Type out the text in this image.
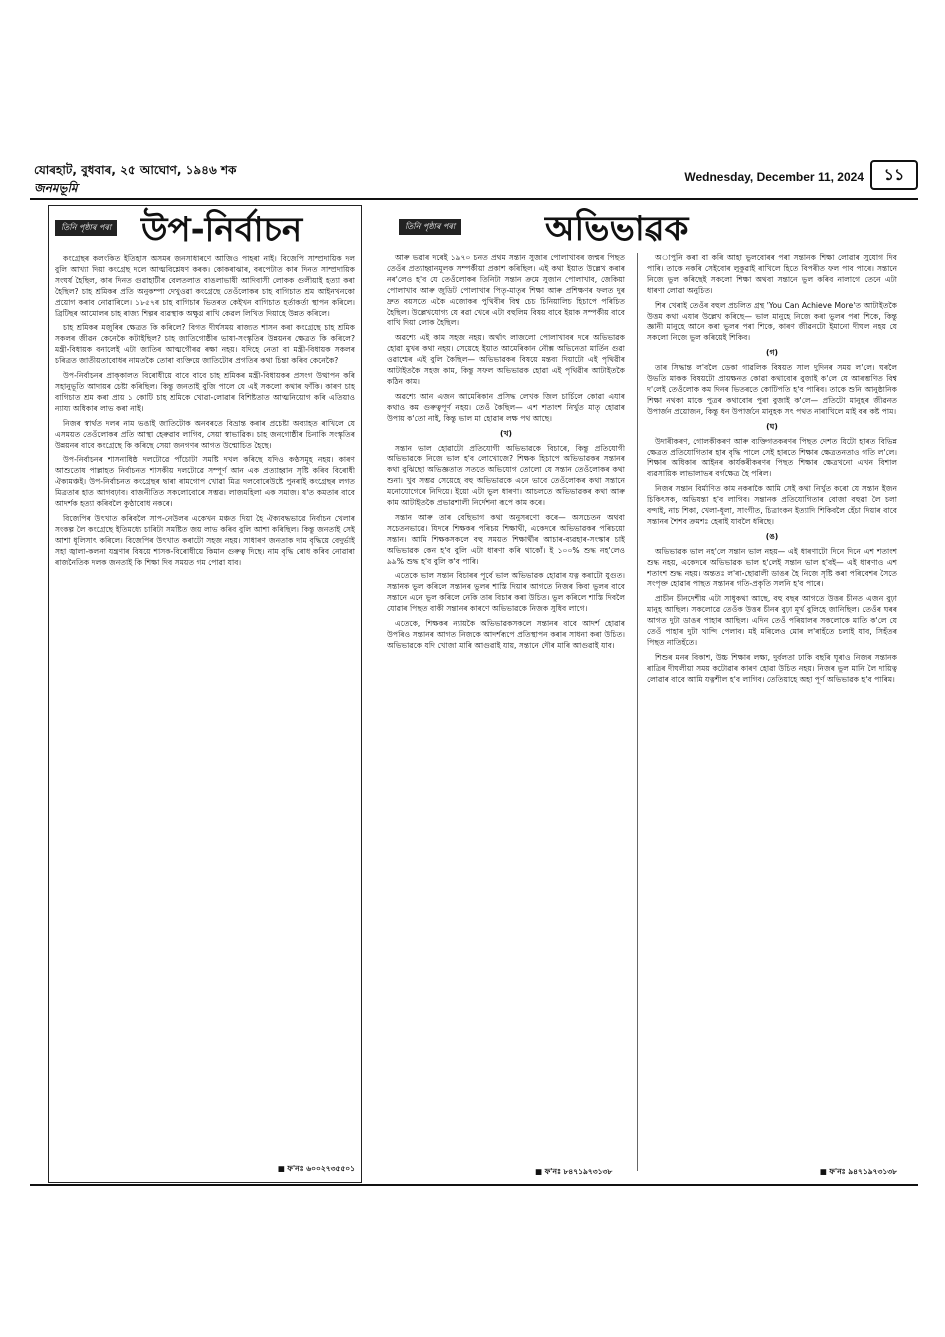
যোৰহাট, বুধবাৰ, ২৫ আঘোণ, ১৯৪৬ শক
জনমভূমি
Wednesday, December 11, 2024	১১
তিনি পৃষ্ঠাৰ পৰা উপ-নিৰ্বাচন

কংগ্ৰেছৰ কলংকিত ইতিহাস অসমৰ জনসাধাৰণে আজিও পাহৰা নাই। বিজেপি সাম্প্ৰদায়িক দল বুলি আখ্যা দিয়া কংগ্ৰেছ দলে আত্মবিশ্লেষণ কৰক। কোকৰাঝাৰ, বৰপেটাত কাৰ দিনত সাম্প্ৰদায়িক সংঘৰ্ষ হৈছিল, কাৰ দিনত গুৱাহাটীৰ বেলতলাত বাঙলাভাষী আদিবাসী লোকক গুলীয়াই হত্যা কৰা হৈছিল? চাহ শ্ৰমিকৰ প্ৰতি অনুকম্পা দেখুওৱা কংগ্ৰেছে তেওঁলোকৰ চাহ বাগিচাত শ্ৰম আইনখনকো প্ৰয়োগ কৰাব নোৱাৰিলে। ১৮৫৭ৰ চাহ বাগিচাৰ ভিতৰত কেইখন বাগিচাত হৰ্তাকৰ্তা স্থাপন কৰিলে। ব্ৰিটিছৰ আমোলৰ চাহ ৰাজ্য শিল্পৰ ব্যৱস্থাক অক্ষুণ্ণ ৰাখি কেৱল লিখিত দিয়াহে উন্নত কৰিলে।

চাহ শ্ৰমিকৰ মজুৰিৰ ক্ষেত্ৰত কি কৰিলে? বিগত দীৰ্ঘসময় ৰাজ্যত শাসন কৰা কংগ্ৰেছে চাহ শ্ৰমিক সকলৰ জীৱন কেনেকৈ কটাইছিল? চাহ জাতিগোষ্ঠীৰ ভাষা-সংস্কৃতিৰ উন্নয়নৰ ক্ষেত্ৰত কি কৰিলে? মন্ত্ৰী-বিধায়ক বনালেই এটা জাতিৰ আত্মগৌৰৱ ৰক্ষা নহয়। যদিহে নেতা বা মন্ত্ৰী-বিধায়ক সকলৰ চৰিত্ৰত জাতীয়তাবোধৰ নামতকৈ তোৰা ব্যক্তিয়ে জাতিটোৰ প্ৰগতিৰ কথা চিন্তা কৰিব কেনেকৈ?

উপ-নিৰ্বাচনৰ প্ৰাক্‌কালত বিৰোধীয়ে বাবে বাবে চাহ শ্ৰমিকৰ মন্ত্ৰী-বিধায়কৰ প্ৰসংগ উত্থাপন কৰি সহানুভূতি আদায়ৰ চেষ্টা কৰিছিল। কিন্তু জনতাই বুজি পালে যে এই সকলো কথাৰ ফাঁকি। কাৰণ চাহ বাগিচাত শ্ৰম কৰা প্ৰায় ১ কোটি চাহ শ্ৰমিকে খোৱা-লোৱাৰ বিশিষ্টতাত আত্মনিয়োগ কৰি এতিয়াও ন্যায্য অধিকাৰ লাভ কৰা নাই।

নিজৰ স্বাৰ্থত দলৰ নাম ভঙাই জাতিটোক অনবৰতে বিভ্ৰান্ত কৰাৰ প্ৰচেষ্টা অব্যাহত ৰাখিলে যে এসময়ত তেওঁলোকৰ প্ৰতি আস্থা হেৰুৱাব লাগিব, সেয়া স্বাভাৱিক। চাহ জনগোষ্ঠীৰ চিনাকি সংস্কৃতিৰ উন্নয়নৰ বাবে কংগ্ৰেছে কি কৰিছে সেয়া জনগণৰ আগত উন্মোচিত হৈছে।

উপ-নিৰ্বাচনৰ শাসনাধিষ্ঠ দলটোৱে পাঁচোটা সমষ্টি দখল কৰিছে যদিও কণ্ঠসমূহ নহয়। কাৰণ আশুতোষ পাল্লাহত নিৰ্বাচনত শাসকীয় দলটোৱে সম্পূৰ্ণ আন এক প্ৰত্যাহ্বান সৃষ্টি কৰিব বিৰোধী ঐক্যমঞ্চই। উপ-নিৰ্বাচনত কংগ্ৰেছৰ দ্বাৰা ৰামগোপ খোৱা মিত্ৰ দলবোৰেউষ্টে পুনৰাই কংগ্ৰেছৰ লগত মিত্ৰতাৰ হাত আগবঢ়াব। বাজনীতিত সকলোবোৰে সম্ভৱ। লাজমহিলা এক সমাজ। ষ'ত কমতাৰ বাবে আদৰ্শক হত্যা কৰিবলৈ কুণ্ঠাবোধ নকৰে।

বিজেপিৰ উৎখাত কৰিবলৈ সাপ-নেউলৰ একেখন মঞ্চত দিয়া হৈ ঐক্যবদ্ধভাৱে নিৰ্বাচন খেলাৰ সংকল্প লৈ কংগ্ৰেছে ইতিমধ্যে চাৰিটা সমষ্টিত জয় লাভ কৰিব বুলি আশা কৰিছিল। কিন্তু জনতাই সেই আশা ধূলিসাৎ কৰিলে। বিজেপিৰ উৎখাত কৰাটো সহজ নহয়। সাধাৰণ জনতাক দাম বৃদ্ধিয়ে বেদুৰ্ভাই সহা জ্বালা-কলনা যন্ত্ৰণাৰ বিষয়ে শাসক-বিৰোধীয়ে কিমান গুৰুত্ব দিছে। নাম বৃদ্ধি ৰোধ কৰিব নোৱাৰা ৰাজনৈতিক দলক জনতাই কি শিক্ষা দিব সময়ত গম পোৱা যাব।

■ ফ'নঃ ৬০০২৭৩৫৫০১
তিনি পৃষ্ঠাৰ পৰা	অভিভাৱক

আৰু ভৱাৰ দৰেই ১৯৭০ চনত প্ৰথম সন্তান সুজাৰ পোলাখাবৰ জন্মৰ পিছত তেওঁৰ প্ৰত্যাহ্বানমূলক সম্পৰ্কীয়া প্ৰকাশ কৰিছিল। এই কথা ইয়াত উল্লেখ কৰাৰ নৰ'লেও হ'ব যে তেওঁলোকৰ তিনিটা সন্তান ক্ৰমে সুজান পোলাখাব, জেকিয়া পোলাখাব আৰু জুডিট পোলাখাৰ পিতৃ-মাতৃৰ শিক্ষা আৰু প্ৰশিক্ষণৰ ফলত দুৰ দ্ৰুত বয়সতে একৈ এজোকৰ পুথিবীৰ বিশ্ব চেচ চিনিয়ালিচ হিচাপে পৰিচিত হৈছিল। উল্লেখযোগ্য যে ৰৱা খেৰে এটা বহুলিম বিষয় বাবে ইয়াক সম্পৰ্কীয় বাবে বাখি দিয়া লোক হৈছিল।

অৱশ্যে এই কাম সহজ নহয়। অৰ্থাৎ লাজলো পোলাখাবৰ দৰে অভিভাৱক হোৱা মুখৰ কথা নহয়। সেয়েহে ইয়াত আমেৰিকান নৌক্স অভিনেতা মাৰ্তিন গুৱা ওৱাশ্মেৰ এই বুলি কৈছিল— অভিভাৱকৰ বিষয়ে মন্তব্য দিয়াটো এই পৃথিৱীৰ আটাইতকৈ সহজ কাম, কিন্তু সফল অভিভাৱক হোৱা এই পৃথিৱীৰ আটাইতকৈ কঠিন কাম।

অৱশ্যে আন এজন আমেৰিকান প্ৰসিদ্ধ লেখক জিল চাৰ্চিলে কোৱা এযাৰ কথাও কম গুৰুত্বপূৰ্ণ নহয়। তেওঁ কৈছিল— এশ শতাংশ নিৰ্খুত মাতৃ হোৱাৰ উপায় ক'তো নাই, কিন্তু ভাল মা হোৱাৰ লক্ষ পথ আছে।

(খ)

সন্তান ভাল হোৱাটো প্ৰতিযোগী অভিভাৱকে বিচাৰে, কিন্তু প্ৰতিযোগী অভিভাৱকে নিজে ভাল হ'ব লোখোজে? শিক্ষক হিচাপে অভিভাৱকৰ সন্তানৰ কথা বুঝিছো অভিজ্ঞতাত সততে অভিযোগ তোলো যে সন্তান তেওঁলোকৰ কথা শুনা। খুব সম্ভৱ সেয়েহে বহু অভিভাৱকে এনে ভাবে তেওঁলোকৰ কথা সন্তানে মনোযোগেৰে নিদিয়ে। ইয়ো এটা ভুল ধাৰণা। আচলতে অভিভাৱকৰ কথা আৰু কাম আটাইতকৈ প্ৰভাৱশালী নিৰ্দেশনা ৰূপে কাম কৰে।

সন্তান আৰু তাৰ বেছিভাগ কথা অনুসৰণো কৰে— অসচেতন অথবা সচেতনভাৱে। যিদৰে শিক্ষকৰ পৰিচয় শিক্ষাথী, একেদৰে অভিভাৱকৰ পৰিচয়ো সন্তান। আমি শিক্ষকসকলে বহু সময়ত শিক্ষাৰ্থীৰ আচাৰ-ব্যৱহাৰ-সংস্কাৰ চাই অভিভাৱক কেন হ'ব বুলি এটা ধাৰণা কৰি থাকোঁ। ই ১০০% শুদ্ধ নহ'লেও ৯৯% শুদ্ধ হ'ব বুলি ক'ব পাৰি।

এতেকে ভাল সন্তান বিচাৰৰ পূৰ্বে ভাল অভিভাৱক হোৱাৰ যত্ন কৰাটো যুগুত। সন্তানক ভুল কৰিলে সন্তানৰ ভুলৰ শাস্তি দিয়াৰ আগতে নিজৰ কিবা ভুলৰ বাবে সন্তানে এনে ভুল কৰিলে নেকি তাৰ বিচাৰ কৰা উচিত। ভুল কৰিলে শাস্তি দিবলৈ যোৱাৰ পিছত বাকী সন্তানৰ কাৰণে অভিভাৱকে নিজক সুধিব লাগে।

এতেকে, শিক্ষকৰ ন্যায়কৈ অভিভাৱকসকলে সন্তানৰ বাবে আদৰ্শ হোৱাৰ উপৰিও সন্তানৰ আগত নিজকে আদৰ্শৰূপে প্ৰতিস্থাপন কৰাৰ সাধনা কৰা উচিত। অভিভাৱকে যদি খোজা মাৰি আগুৱাই যায়, সন্তানে দৌৰ মাৰি আগুৱাই যাব।

অাপুনি কৰা বা কৰি আহা ভুলবোৰৰ পৰা সন্তানক শিক্ষা লোৱাৰ সুযোগ দিব পাৰি। তাকে নকৰি সেইবোৰ লুকুৱাই ৰাখিলে হিতে বিপৰীত ফল পাব পাৰে। সন্তানে নিজে ভুল কৰিছেই সকলো শিক্ষা অথবা সন্তানে ভুল কৰিব নালাগে তেনে এটা ধাৰণা লোৱা অনুচিত।

শিৰ খেৰাই তেওঁৰ বহুল প্ৰচলিত গ্ৰন্থ 'You Can Achieve More'ত আটাইতকৈ উত্তম কথা এযাৰ উল্লেখ কৰিছে— ভাল মানুহে নিজে কৰা ভুলৰ পৰা শিকে, কিন্তু জ্ঞানী মানুহে আনে কৰা ভুলৰ পৰা শিকে, কাৰণ জীৱনটো ইমানো দীঘল নহয় যে সকলো নিজে ভুল কৰিয়েই শিকিব।

(গ)

তাৰ সিদ্ধান্ত ল'বলৈ ডেকা গাৱলিক বিষয়ত সাল দুদিনৰ সময় ল'লে। ঘৰলৈ উভতি মাকক বিষয়টো প্ৰায়ক্ষনত কোৱা কথাবোৰ বুজাই ক'লে যে আৰম্ভণিত বিশ্ব দ'লেই তেওঁলোক কম দিনৰ ভিতৰতে কোটিপতি হ'ব পাৰিব। তাকে শুনি আনুষ্ঠানিক শিক্ষা নথকা মাকে পুত্ৰৰ কথাবোৰ পুৰা বুজাই ক'লে— প্ৰতিটো মানুহৰ জীৱনত উপাৰ্জন প্ৰয়োজন, কিন্তু ধন উপাৰ্জনে মানুহক সৎ পথত নাৰাখিলে মাই বৰ কষ্ট পাম।

(ঘ)

উদাৰীকৰণ, গোলকীকৰণ আৰু ব্যক্তিগতকৰণৰ পিছত দেশত যিটো হাৰত বিভিন্ন ক্ষেত্ৰত প্ৰতিযোগিতাৰ হাৰ বৃদ্ধি পালে সেই হাৰতে শিক্ষাৰ ক্ষেত্ৰতনতাও গতি ল'লে। শিক্ষাৰ অধিকাৰ আইনৰ কাৰ্যকৰীকৰণৰ পিছত শিক্ষাৰ ক্ষেত্ৰখনো এখন বিশাল ব্যৱসায়িক লাভালাভৰ বৰ্গক্ষেত্ৰ হৈ পৰিল।

নিজৰ সন্তান বিৰ্মাণিত কাম নকৰাকৈ আমি সেই কথা নিৰ্খুত কৰো যে সন্তান ইজন চিকিৎসক, অভিযন্তা হ'ব লাগিব। সন্তানক প্ৰতিযোগিতাৰ বোজা বহুৱা লৈ চলা বন্দাই, নাচ শিকা, খেলা-ধূলা, সাংগীত, চিত্ৰাংকন ইত্যাদি শিকিবলৈ হেঁচা দিয়াৰ বাবে সন্তানৰ শৈশব ক্ৰমশঃ হেৰাই যাবলৈ ধৰিছে।

(ঙ)

অভিভাৱক ভাল নহ'লে সন্তান ভাল নহয়— এই ধাৰণাটো দিনে দিনে এশ শতাংশ শুদ্ধ নহয়, একেদৰে অভিভাৱক ভাল হ'লেই সন্তান ভাল হ'বই— এই ধাৰণাও এশ শতাংশ শুদ্ধ নহয়। অন্ততঃ ল'ৰা-ছোৱালী ডাঙৰ হৈ নিজে সৃষ্টি কৰা পৰিবেশৰ সৈতে সংপৃক্ত হোৱাৰ পাছত সন্তানৰ গতি-প্ৰকৃতি সলনি হ'ব পাৰে।

প্ৰাচীন চীনদেশীয় এটা সাধুকথা আছে, বহু বছৰ আগতে উত্তৰ চীনত এজন বুঢ়া মানুহ আছিল। সকলোৱে তেওঁক উত্তৰ চীনৰ বুঢ়া মূৰ্খ বুলিহে জানিছিল। তেওঁৰ ঘৰৰ আগত দুটা ডাঙৰ পাহাৰ আছিল। এদিন তেওঁ পৰিয়ালৰ সকলোকে মাতি ক'লে যে তেওঁ পাহাৰ দুটা খান্দি পেলাব। মই মৰিলেও মোৰ ল'ৰাহঁতে চলাই যাব, সিহঁতৰ পিছত নাতিহঁতে।

শিশুৰ মনৰ বিকাশ, উচ্চ শিক্ষাৰ লক্ষ্য, দুৰ্বলতা ঢাকি বছৰি ঘূৰাও নিজৰ সন্তানক ৰাত্ৰিৰ দীঘলীয়া সময় কটোৱাৰ কাৰণ হোৱা উচিত নহয়। নিজৰ ভুল মানি লৈ দায়িত্ব লোৱাৰ বাবে আমি যত্নশীল হ'ব লাগিব। তেতিয়াহে অহা পূৰ্ণ অভিভাৱক হ'ব পাৰিম।

■ ফ'নঃ ৮৪৭১৯৭৩১৩৮	■ ফ'নঃ ৯৪৭১৯৭৩১৩৮
